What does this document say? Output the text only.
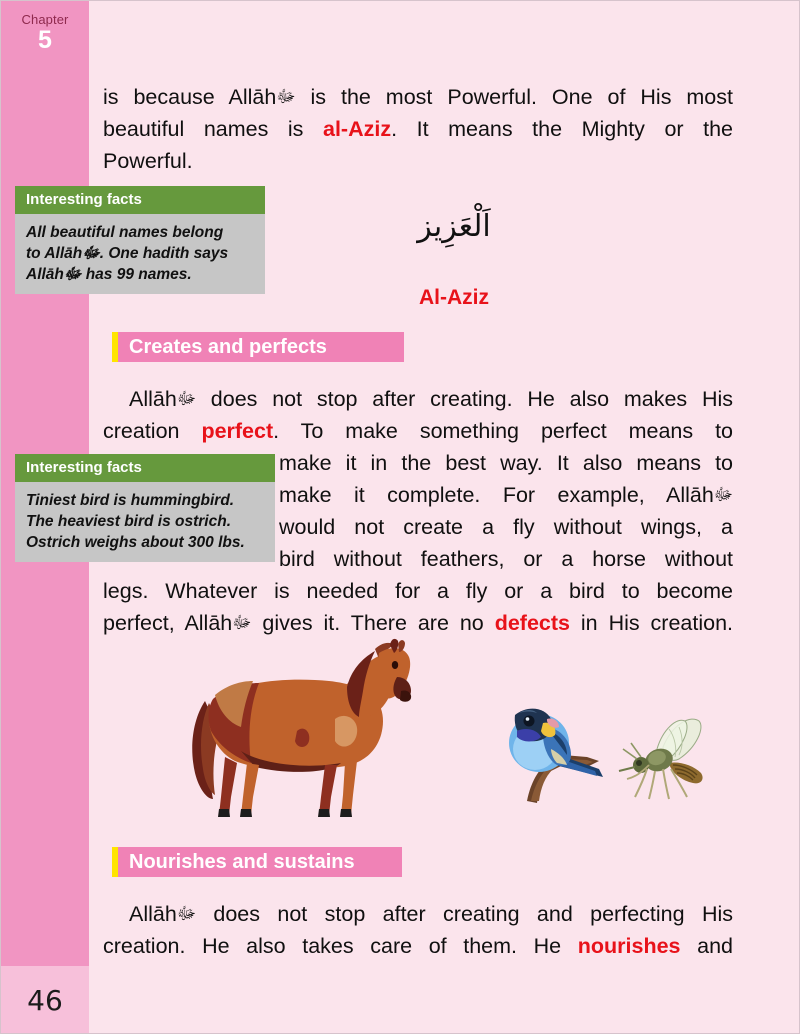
Chapter
5
46
is because Allāhﷻ is the most Powerful. One of His most
beautiful names is al-Aziz. It means the Mighty or the
Powerful.
Interesting facts
All beautiful names belong
to Allāhﷻ. One hadith says
Allāhﷻ has 99 names.
اَلْعَزِيز
Al-Aziz
Creates and perfects
Allāhﷻ does not stop after creating. He also makes His
creation perfect. To make something perfect means to
Interesting facts
Tiniest bird is hummingbird.
The heaviest bird is ostrich.
Ostrich weighs about 300 lbs.
make it in the best way. It also means to
make it complete. For example, Allāhﷻ
would not create a fly without wings, a
bird without feathers, or a horse without
legs. Whatever is needed for a fly or a bird to become
perfect, Allāhﷻ gives it. There are no defects in His creation.
Nourishes and sustains
Allāhﷻ does not stop after creating and perfecting His
creation. He also takes care of them. He nourishes and
